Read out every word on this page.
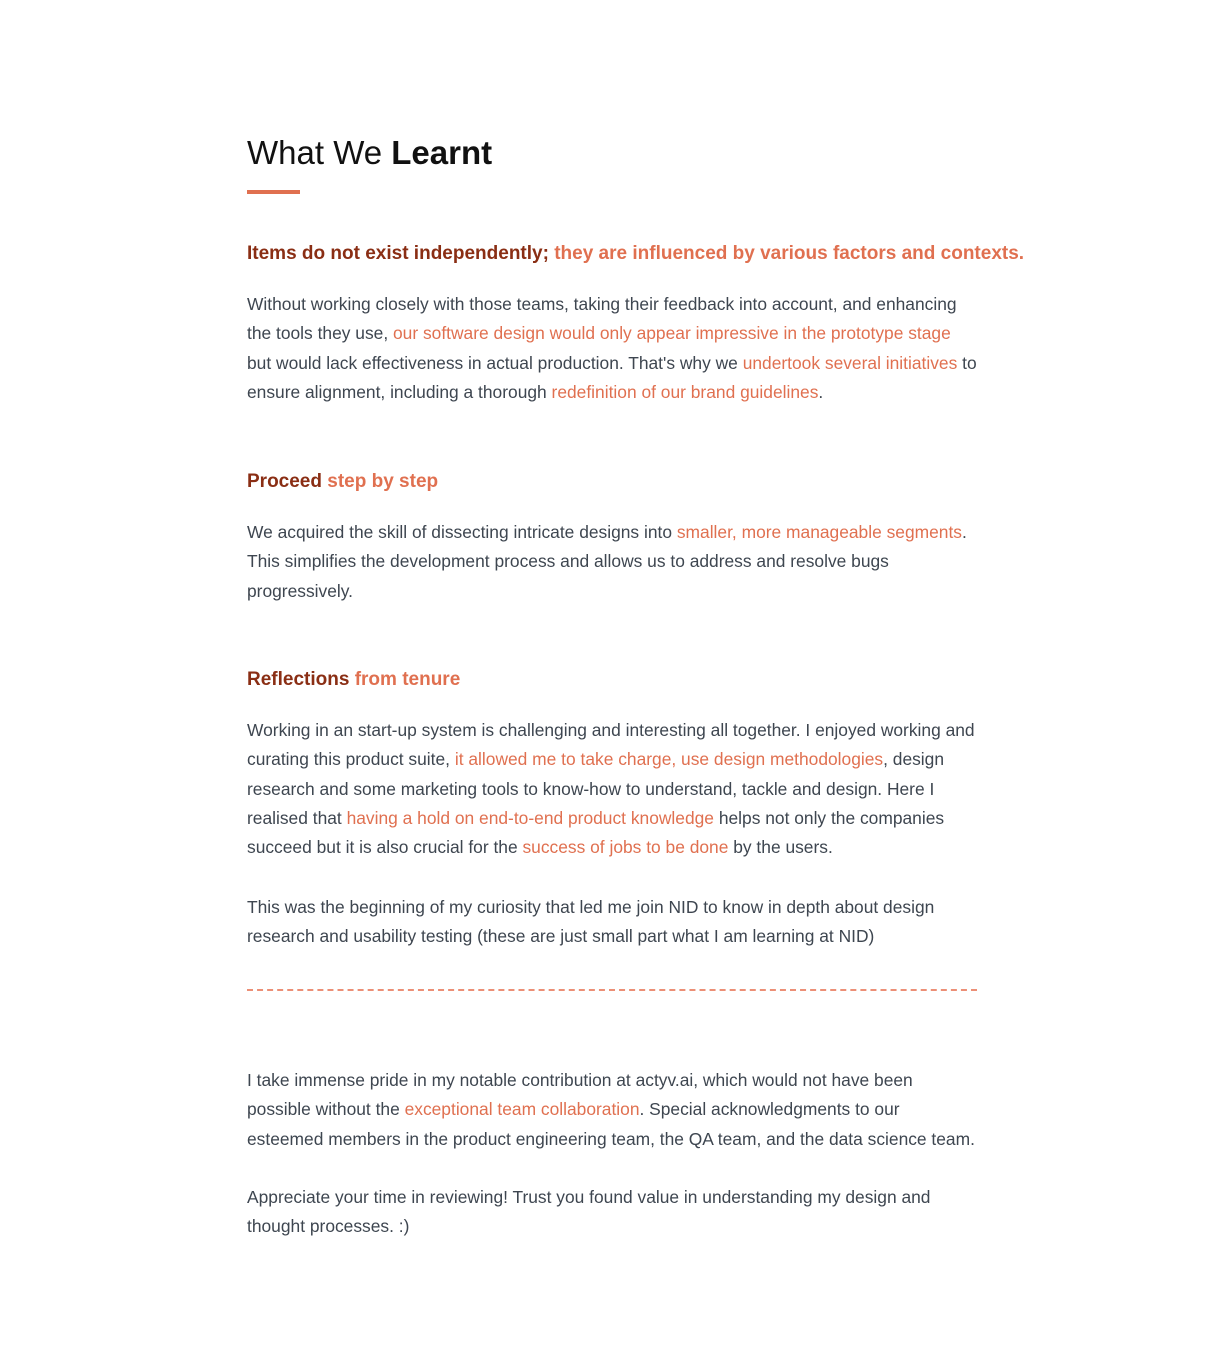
What We Learnt
Items do not exist independently; they are influenced by various factors and contexts.

Without working closely with those teams, taking their feedback into account, and enhancing the tools they use, our software design would only appear impressive in the prototype stage but would lack effectiveness in actual production. That's why we undertook several initiatives to ensure alignment, including a thorough redefinition of our brand guidelines.

Proceed step by step

We acquired the skill of dissecting intricate designs into smaller, more manageable segments. This simplifies the development process and allows us to address and resolve bugs progressively.

Reflections from tenure

Working in an start-up system is challenging and interesting all together. I enjoyed working and curating this product suite, it allowed me to take charge, use design methodologies, design research and some marketing tools to know-how to understand, tackle and design. Here I realised that having a hold on end-to-end product knowledge helps not only the companies succeed but it is also crucial for the success of jobs to be done by the users.

This was the beginning of my curiosity that led me join NID to know in depth about design research and usability testing (these are just small part what I am learning at NID)

I take immense pride in my notable contribution at actyv.ai, which would not have been possible without the exceptional team collaboration. Special acknowledgments to our esteemed members in the product engineering team, the QA team, and the data science team.

Appreciate your time in reviewing! Trust you found value in understanding my design and thought processes. :)
